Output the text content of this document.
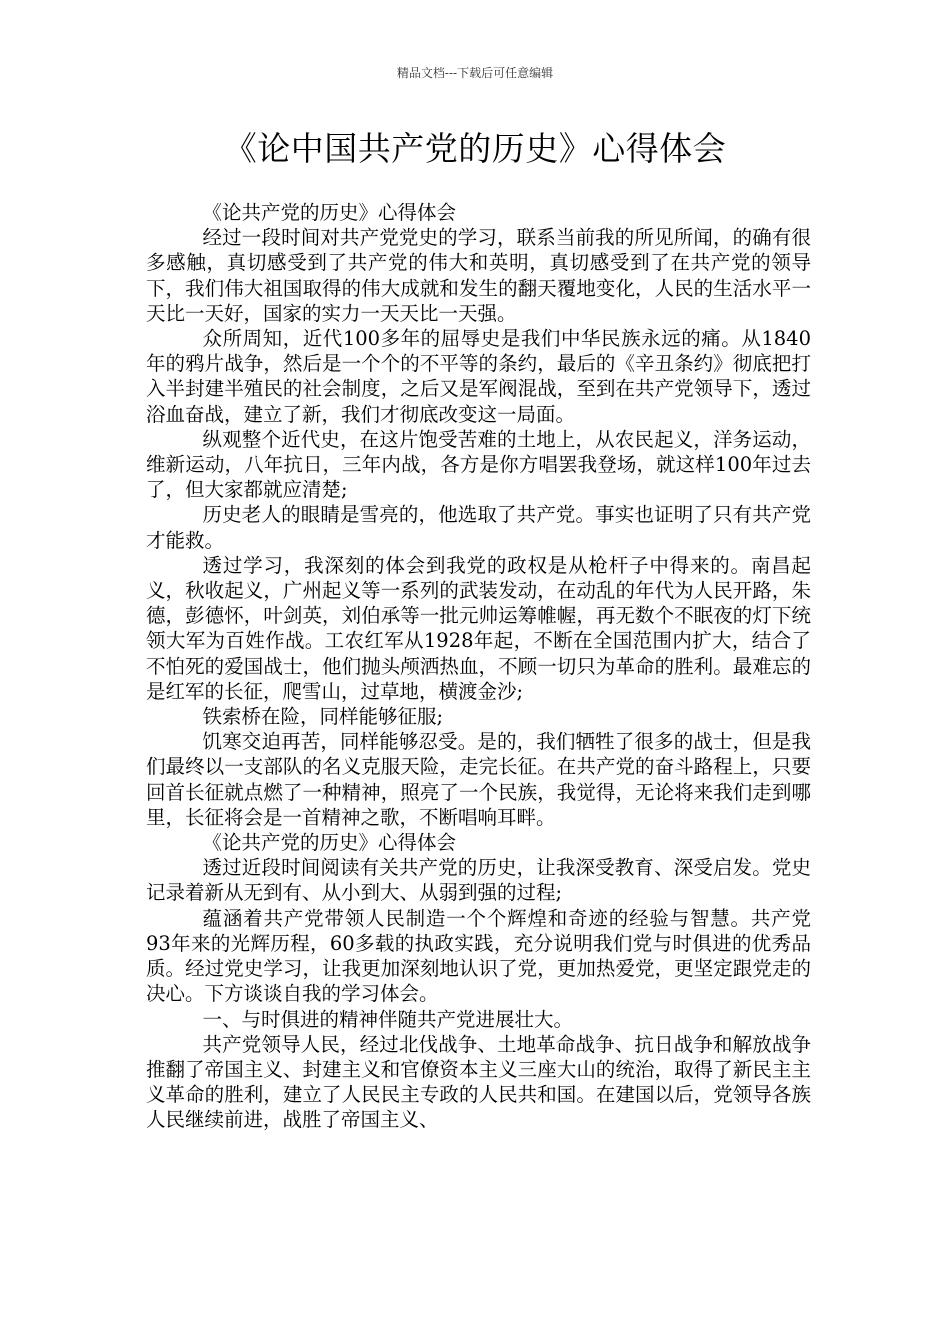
精品文档---下载后可任意编辑
《论中国共产党的历史》心得体会

《论共产党的历史》心得体会

经过一段时间对共产党党史的学习，联系当前我的所见所闻，的确有很多感触，真切感受到了共产党的伟大和英明，真切感受到了在共产党的领导下，我们伟大祖国取得的伟大成就和发生的翻天覆地变化，人民的生活水平一天比一天好，国家的实力一天天比一天强。

众所周知，近代100多年的屈辱史是我们中华民族永远的痛。从1840年的鸦片战争，然后是一个个的不平等的条约，最后的《辛丑条约》彻底把打入半封建半殖民的社会制度，之后又是军阀混战，至到在共产党领导下，透过浴血奋战，建立了新，我们才彻底改变这一局面。

纵观整个近代史，在这片饱受苦难的土地上，从农民起义，洋务运动，维新运动，八年抗日，三年内战，各方是你方唱罢我登场，就这样100年过去了，但大家都就应清楚;

历史老人的眼睛是雪亮的，他选取了共产党。事实也证明了只有共产党才能救。

透过学习，我深刻的体会到我党的政权是从枪杆子中得来的。南昌起义，秋收起义，广州起义等一系列的武装发动，在动乱的年代为人民开路，朱德，彭德怀，叶剑英，刘伯承等一批元帅运筹帷幄，再无数个不眠夜的灯下统领大军为百姓作战。工农红军从1928年起，不断在全国范围内扩大，结合了不怕死的爱国战士，他们抛头颅洒热血，不顾一切只为革命的胜利。最难忘的是红军的长征，爬雪山，过草地，横渡金沙;

铁索桥在险，同样能够征服;

饥寒交迫再苦，同样能够忍受。是的，我们牺牲了很多的战士，但是我们最终以一支部队的名义克服天险，走完长征。在共产党的奋斗路程上，只要回首长征就点燃了一种精神，照亮了一个民族，我觉得，无论将来我们走到哪里，长征将会是一首精神之歌，不断唱响耳畔。

《论共产党的历史》心得体会

透过近段时间阅读有关共产党的历史，让我深受教育、深受启发。党史记录着新从无到有、从小到大、从弱到强的过程;

蕴涵着共产党带领人民制造一个个辉煌和奇迹的经验与智慧。共产党93年来的光辉历程，60多载的执政实践，充分说明我们党与时俱进的优秀品质。经过党史学习，让我更加深刻地认识了党，更加热爱党，更坚定跟党走的决心。下方谈谈自我的学习体会。

一、与时俱进的精神伴随共产党进展壮大。

共产党领导人民，经过北伐战争、土地革命战争、抗日战争和解放战争推翻了帝国主义、封建主义和官僚资本主义三座大山的统治，取得了新民主主义革命的胜利，建立了人民民主专政的人民共和国。在建国以后，党领导各族人民继续前进，战胜了帝国主义、
